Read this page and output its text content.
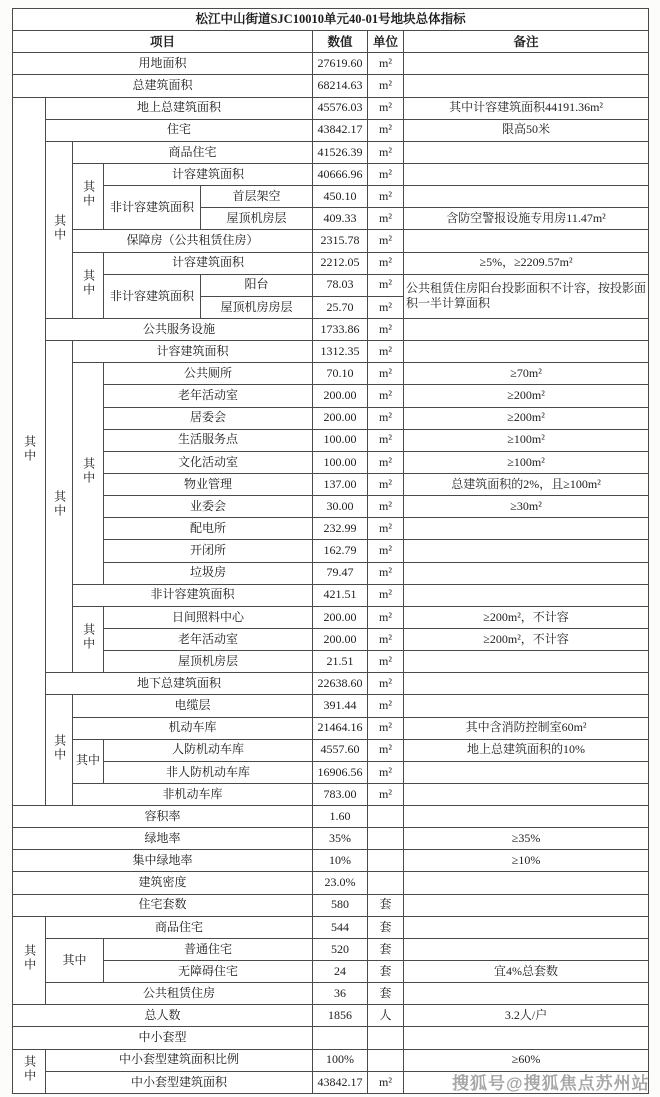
松江中山街道SJC10010单元40-01号地块总体指标							
项目					数值	单位	备注
用地面积					27619.60	m²	
总建筑面积					68214.63	m²	
其中	地上总建筑面积				45576.03	m²	其中计容建筑面积44191.36m²
	住宅				43842.17	m²	限高50米
	其中	商品住宅			41526.39	m²	
		其中	计容建筑面积		40666.96	m²	
			非计容建筑面积	首层架空	450.10	m²	
				屋顶机房层	409.33	m²	含防空警报设施专用房11.47m²
		保障房（公共租赁住房）			2315.78	m²	
		其中	计容建筑面积		2212.05	m²	≥5%，≥2209.57m²
			非计容建筑面积	阳台	78.03	m²	公共租赁住房阳台投影面积不计容，按投影面积一半计算面积
				屋顶机房房层	25.70	m²	
	公共服务设施				1733.86	m²	
	其中	计容建筑面积			1312.35	m²	
		其中	公共厕所		70.10	m²	≥70m²
			老年活动室		200.00	m²	≥200m²
			居委会		200.00	m²	≥200m²
			生活服务点		100.00	m²	≥100m²
			文化活动室		100.00	m²	≥100m²
			物业管理		137.00	m²	总建筑面积的2%，且≥100m²
			业委会		30.00	m²	≥30m²
			配电所		232.99	m²	
			开闭所		162.79	m²	
			垃圾房		79.47	m²	
		非计容建筑面积			421.51	m²	
		其中	日间照料中心		200.00	m²	≥200m²，不计容
			老年活动室		200.00	m²	≥200m²，不计容
			屋顶机房层		21.51	m²	
	地下总建筑面积				22638.60	m²	
	其中	电缆层			391.44	m²	
		机动车库			21464.16	m²	其中含消防控制室60m²
		其中	人防机动车库		4557.60	m²	地上总建筑面积的10%
			非人防机动车库		16906.56	m²	
		非机动车库			783.00	m²	
容积率					1.60		
绿地率					35%		≥35%
集中绿地率					10%		≥10%
建筑密度					23.0%		
住宅套数					580	套	
其中	商品住宅				544	套	
	其中		普通住宅		520	套	
			无障碍住宅		24	套	宜4%总套数
	公共租赁住房				36	套	
总人数					1856	人	3.2人/户
中小套型							
其中	中小套型建筑面积比例				100%		≥60%
	中小套型建筑面积				43842.17	m²		搜狐号@搜狐焦点苏州站
